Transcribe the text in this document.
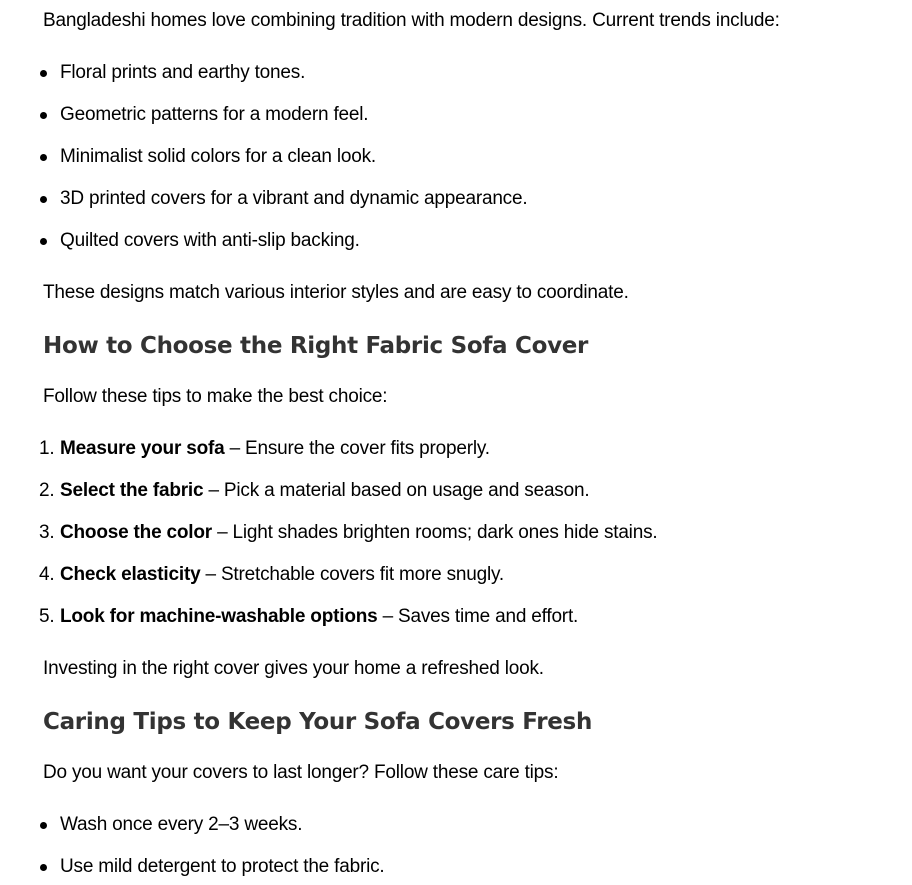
Bangladeshi homes love combining tradition with modern designs. Current trends include:

Floral prints and earthy tones.
Geometric patterns for a modern feel.
Minimalist solid colors for a clean look.
3D printed covers for a vibrant and dynamic appearance.
Quilted covers with anti-slip backing.

These designs match various interior styles and are easy to coordinate.

How to Choose the Right Fabric Sofa Cover

Follow these tips to make the best choice:

1. Measure your sofa – Ensure the cover fits properly.
2. Select the fabric – Pick a material based on usage and season.
3. Choose the color – Light shades brighten rooms; dark ones hide stains.
4. Check elasticity – Stretchable covers fit more snugly.
5. Look for machine-washable options – Saves time and effort.

Investing in the right cover gives your home a refreshed look.

Caring Tips to Keep Your Sofa Covers Fresh

Do you want your covers to last longer? Follow these care tips:

Wash once every 2–3 weeks.
Use mild detergent to protect the fabric.
